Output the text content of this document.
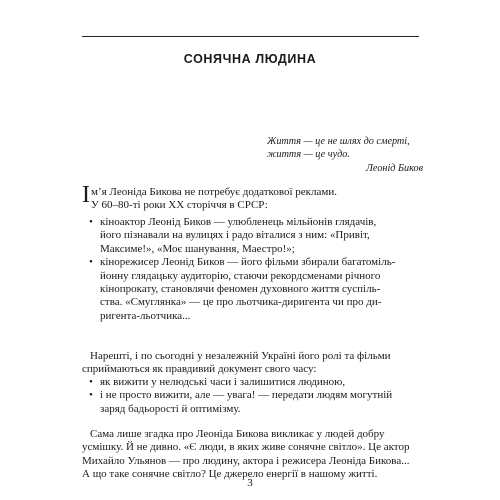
СОНЯЧНА ЛЮДИНА
Життя — це не шлях до смерті,
життя — це чудо.
Леонід Биков
І м’я Леоніда Бикова не потребує додаткової реклами.
У 60–80-ті роки ХХ сторіччя в СРСР:
• кіноактор Леонід Биков — улюбленець мільйонів глядачів,
його пізнавали на вулицях і радо віталися з ним: «Привіт,
Максиме!», «Моє шанування, Маестро!»;
• кінорежисер Леонід Биков — його фільми збирали багатоміль-
йонну глядацьку аудиторію, стаючи рекордсменами річного
кінопрокату, становлячи феномен духовного життя суспіль-
ства. «Смуглянка» — це про льотчика-диригента чи про ди-
ригента-льотчика...
Нарешті, і по сьогодні у незалежній Україні його ролі та фільми
сприймаються як правдивий документ свого часу:
• як вижити у нелюдські часи і залишитися людиною,
• і не просто вижити, але — увага! — передати людям могутній
заряд бадьорості й оптимізму.
Сама лише згадка про Леоніда Бикова викликає у людей добру
усмішку. Й не дивно. «Є люди, в яких живе сонячне світло». Це актор
Михайло Ульянов — про людину, актора і режисера Леоніда Бикова...
А що таке сонячне світло? Це джерело енергії в нашому житті.
3
